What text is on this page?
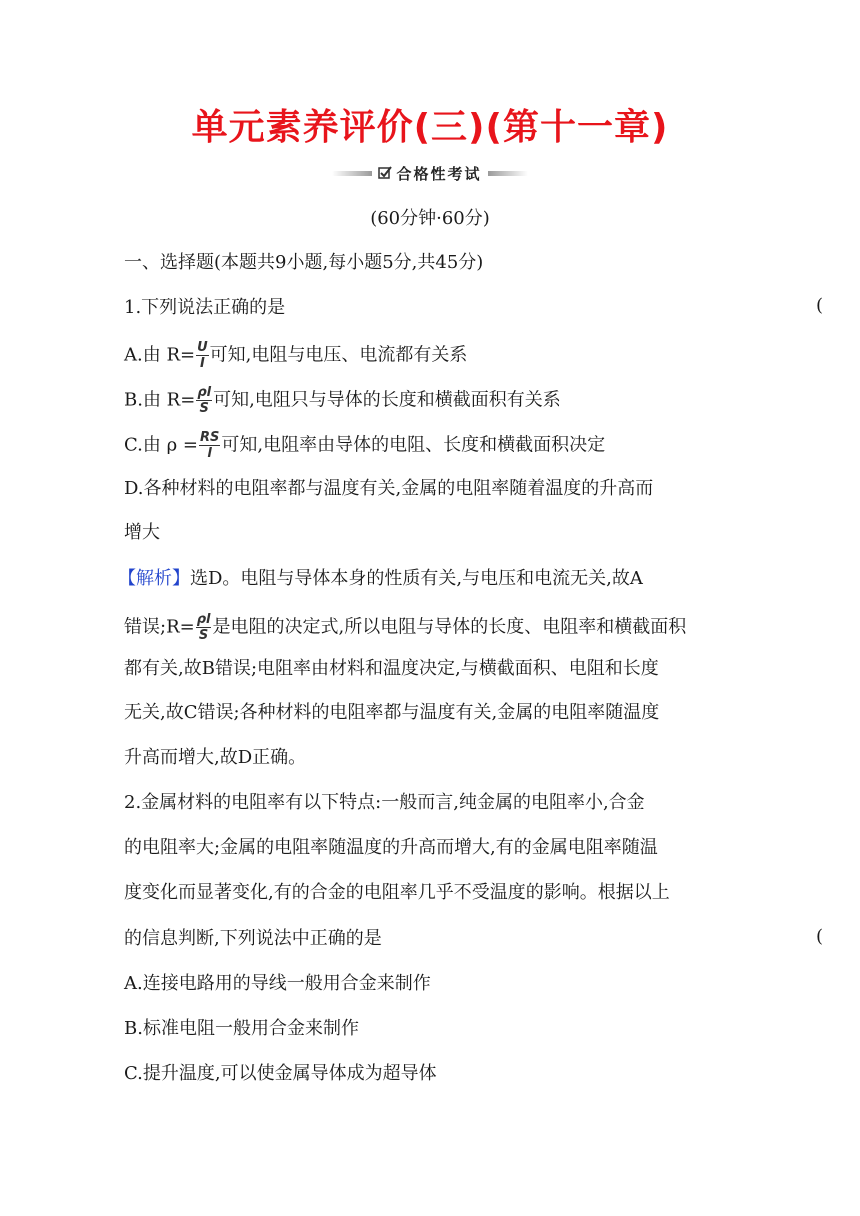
单元素养评价(三)(第十一章)
合格性考试
(60分钟·60分)
一、选择题(本题共9小题,每小题5分,共45分)
1.下列说法正确的是	(
A.由 $R= \frac{U}{I}$ 可知,电阻与电压、电流都有关系
B.由 $R= \frac{\rho l}{S}$ 可知,电阻只与导体的长度和横截面积有关系
C.由 $\rho = \frac{RS}{l}$ 可知,电阻率由导体的电阻、长度和横截面积决定
D.各种材料的电阻率都与温度有关,金属的电阻率随着温度的升高而
增大
【解析】选D。电阻与导体本身的性质有关,与电压和电流无关,故A
错误;R= $\frac{\rho l}{S}$ 是电阻的决定式,所以电阻与导体的长度、电阻率和横截面积
都有关,故B错误;电阻率由材料和温度决定,与横截面积、电阻和长度
无关,故C错误;各种材料的电阻率都与温度有关,金属的电阻率随温度
升高而增大,故D正确。
2.金属材料的电阻率有以下特点:一般而言,纯金属的电阻率小,合金
的电阻率大;金属的电阻率随温度的升高而增大,有的金属电阻率随温
度变化而显著变化,有的合金的电阻率几乎不受温度的影响。根据以上
的信息判断,下列说法中正确的是	(
A.连接电路用的导线一般用合金来制作
B.标准电阻一般用合金来制作
C.提升温度,可以使金属导体成为超导体
